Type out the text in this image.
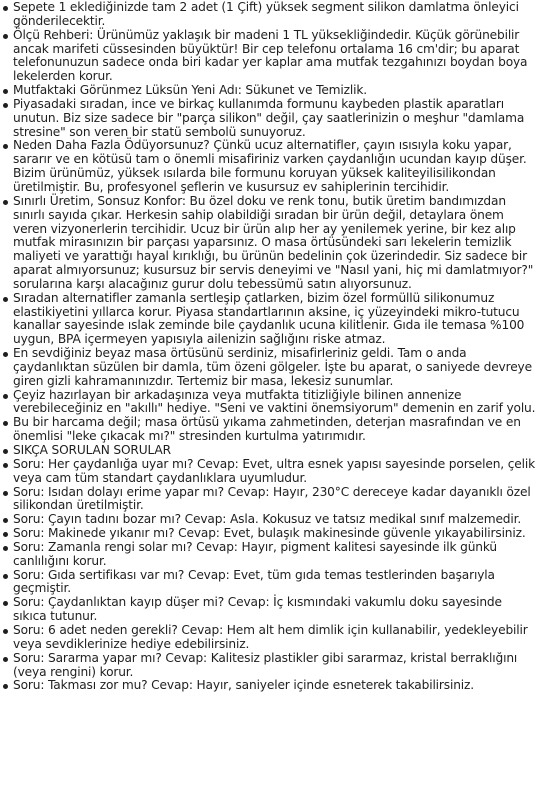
Sepete 1 eklediğinizde tam 2 adet (1 Çift) yüksek segment silikon damlatma önleyici gönderilecektir.
Ölçü Rehberi: Ürünümüz yaklaşık bir madeni 1 TL yüksekliğindedir. Küçük görünebilir ancak marifeti cüssesinden büyüktür! Bir cep telefonu ortalama 16 cm'dir; bu aparat telefonunuzun sadece onda biri kadar yer kaplar ama mutfak tezgahınızı boydan boya lekelerden korur.
Mutfaktaki Görünmez Lüksün Yeni Adı: Sükunet ve Temizlik.
Piyasadaki sıradan, ince ve birkaç kullanımda formunu kaybeden plastik aparatları unutun. Biz size sadece bir "parça silikon" değil, çay saatlerinizin o meşhur "damlama stresine" son veren bir statü sembolü sunuyoruz.
Neden Daha Fazla Ödüyorsunuz? Çünkü ucuz alternatifler, çayın ısısıyla koku yapar, sararır ve en kötüsü tam o önemli misafiriniz varken çaydanlığın ucundan kayıp düşer. Bizim ürünümüz, yüksek ısılarda bile formunu koruyan yüksek kaliteyilisilikondan üretilmiştir. Bu, profesyonel şeflerin ve kusursuz ev sahiplerinin tercihidir.
Sınırlı Üretim, Sonsuz Konfor: Bu özel doku ve renk tonu, butik üretim bandımızdan sınırlı sayıda çıkar. Herkesin sahip olabildiği sıradan bir ürün değil, detaylara önem veren vizyonerlerin tercihidir. Ucuz bir ürün alıp her ay yenilemek yerine, bir kez alıp mutfak mirasınızın bir parçası yaparsınız. O masa örtüsündeki sarı lekelerin temizlik maliyeti ve yarattığı hayal kırıklığı, bu ürünün bedelinin çok üzerindedir. Siz sadece bir aparat almıyorsunuz; kusursuz bir servis deneyimi ve "Nasıl yani, hiç mi damlatmıyor?" sorularına karşı alacağınız gurur dolu tebessümü satın alıyorsunuz.
Sıradan alternatifler zamanla sertleşip çatlarken, bizim özel formüllü silikonumuz elastikiyetini yıllarca korur. Piyasa standartlarının aksine, iç yüzeyindeki mikro-tutucu kanallar sayesinde ıslak zeminde bile çaydanlık ucuna kilitlenir. Gıda ile temasa %100 uygun, BPA içermeyen yapısıyla ailenizin sağlığını riske atmaz.
En sevdiğiniz beyaz masa örtüsünü serdiniz, misafirleriniz geldi. Tam o anda çaydanlıktan süzülen bir damla, tüm özeni gölgeler. İşte bu aparat, o saniyede devreye giren gizli kahramanınızdır. Tertemiz bir masa, lekesiz sunumlar.
Çeyiz hazırlayan bir arkadaşınıza veya mutfakta titizliğiyle bilinen annenize verebileceğiniz en "akıllı" hediye. "Seni ve vaktini önemsiyorum" demenin en zarif yolu.
Bu bir harcama değil; masa örtüsü yıkama zahmetinden, deterjan masrafından ve en önemlisi "leke çıkacak mı?" stresinden kurtulma yatırımıdır.
SIKÇA SORULAN SORULAR
Soru: Her çaydanlığa uyar mı? Cevap: Evet, ultra esnek yapısı sayesinde porselen, çelik veya cam tüm standart çaydanlıklara uyumludur.
Soru: Isıdan dolayı erime yapar mı? Cevap: Hayır, 230°C dereceye kadar dayanıklı özel silikondan üretilmiştir.
Soru: Çayın tadını bozar mı? Cevap: Asla. Kokusuz ve tatsız medikal sınıf malzemedir.
Soru: Makinede yıkanır mı? Cevap: Evet, bulaşık makinesinde güvenle yıkayabilirsiniz.
Soru: Zamanla rengi solar mı? Cevap: Hayır, pigment kalitesi sayesinde ilk günkü canlılığını korur.
Soru: Gıda sertifikası var mı? Cevap: Evet, tüm gıda temas testlerinden başarıyla geçmiştir.
Soru: Çaydanlıktan kayıp düşer mi? Cevap: İç kısmındaki vakumlu doku sayesinde sıkıca tutunur.
Soru: 6 adet neden gerekli? Cevap: Hem alt hem dimlik için kullanabilir, yedekleyebilir veya sevdiklerinize hediye edebilirsiniz.
Soru: Sararma yapar mı? Cevap: Kalitesiz plastikler gibi sararmaz, kristal berraklığını (veya rengini) korur.
Soru: Takması zor mu? Cevap: Hayır, saniyeler içinde esneterek takabilirsiniz.
